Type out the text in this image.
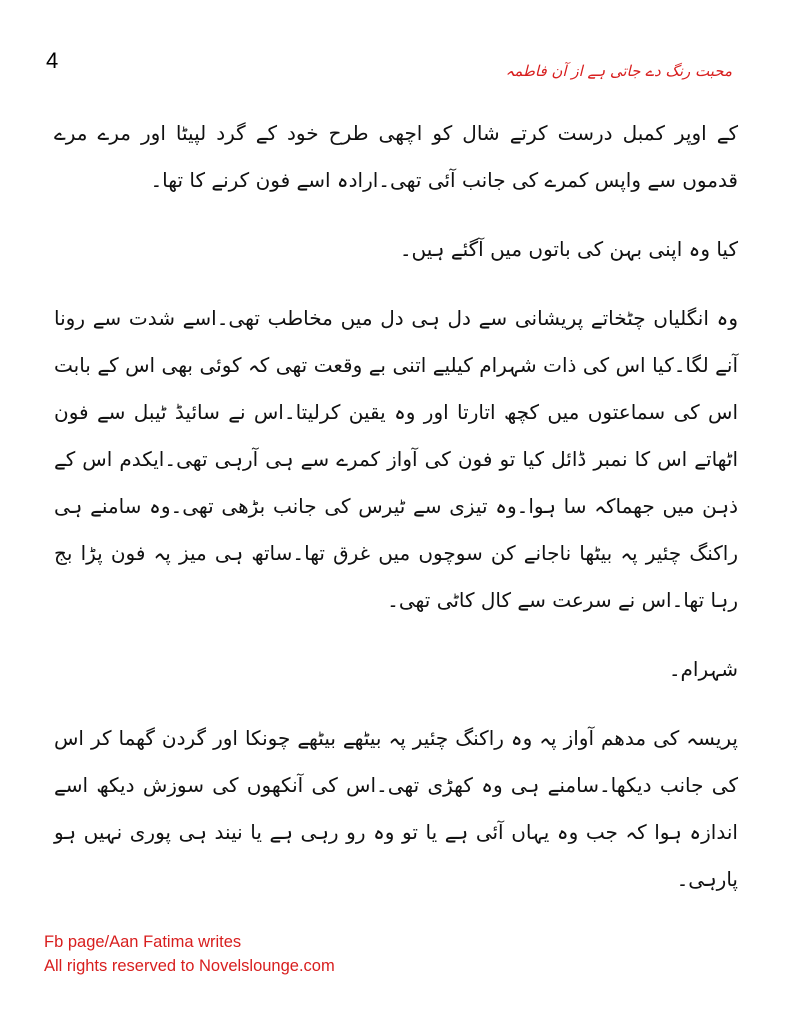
4	محبت رنگ دے جاتی ہے از آن فاطمہ

کے اوپر کمبل درست کرتے شال کو اچھی طرح خود کے گرد لپیٹا اور مرے مرے قدموں سے واپس کمرے کی جانب آئی تھی۔ارادہ اسے فون کرنے کا تھا۔

کیا وہ اپنی بہن کی باتوں میں آگئے ہیں۔

وہ انگلیاں چٹخاتے پریشانی سے دل ہی دل میں مخاطب تھی۔اسے شدت سے رونا آنے لگا۔کیا اس کی ذات شہرام کیلیے اتنی بے وقعت تھی کہ کوئی بھی اس کے بابت اس کی سماعتوں میں کچھ اتارتا اور وہ یقین کرلیتا۔اس نے سائیڈ ٹیبل سے فون اٹھاتے اس کا نمبر ڈائل کیا تو فون کی آواز کمرے سے ہی آرہی تھی۔ایکدم اس کے ذہن میں جھماکہ سا ہوا۔وہ تیزی سے ٹیرس کی جانب بڑھی تھی۔وہ سامنے ہی راکنگ چئیر پہ بیٹھا ناجانے کن سوچوں میں غرق تھا۔ساتھ ہی میز پہ فون پڑا بج رہا تھا۔اس نے سرعت سے کال کاٹی تھی۔

شہرام۔

پریسہ کی مدھم آواز پہ وہ راکنگ چئیر پہ بیٹھے بیٹھے چونکا اور گردن گھما کر اس کی جانب دیکھا۔سامنے ہی وہ کھڑی تھی۔اس کی آنکھوں کی سوزش دیکھ اسے اندازہ ہوا کہ جب وہ یہاں آئی ہے یا تو وہ رو رہی ہے یا نیند ہی پوری نہیں ہو پارہی۔

Fb page/Aan Fatima writes
All rights reserved to Novelslounge.com
